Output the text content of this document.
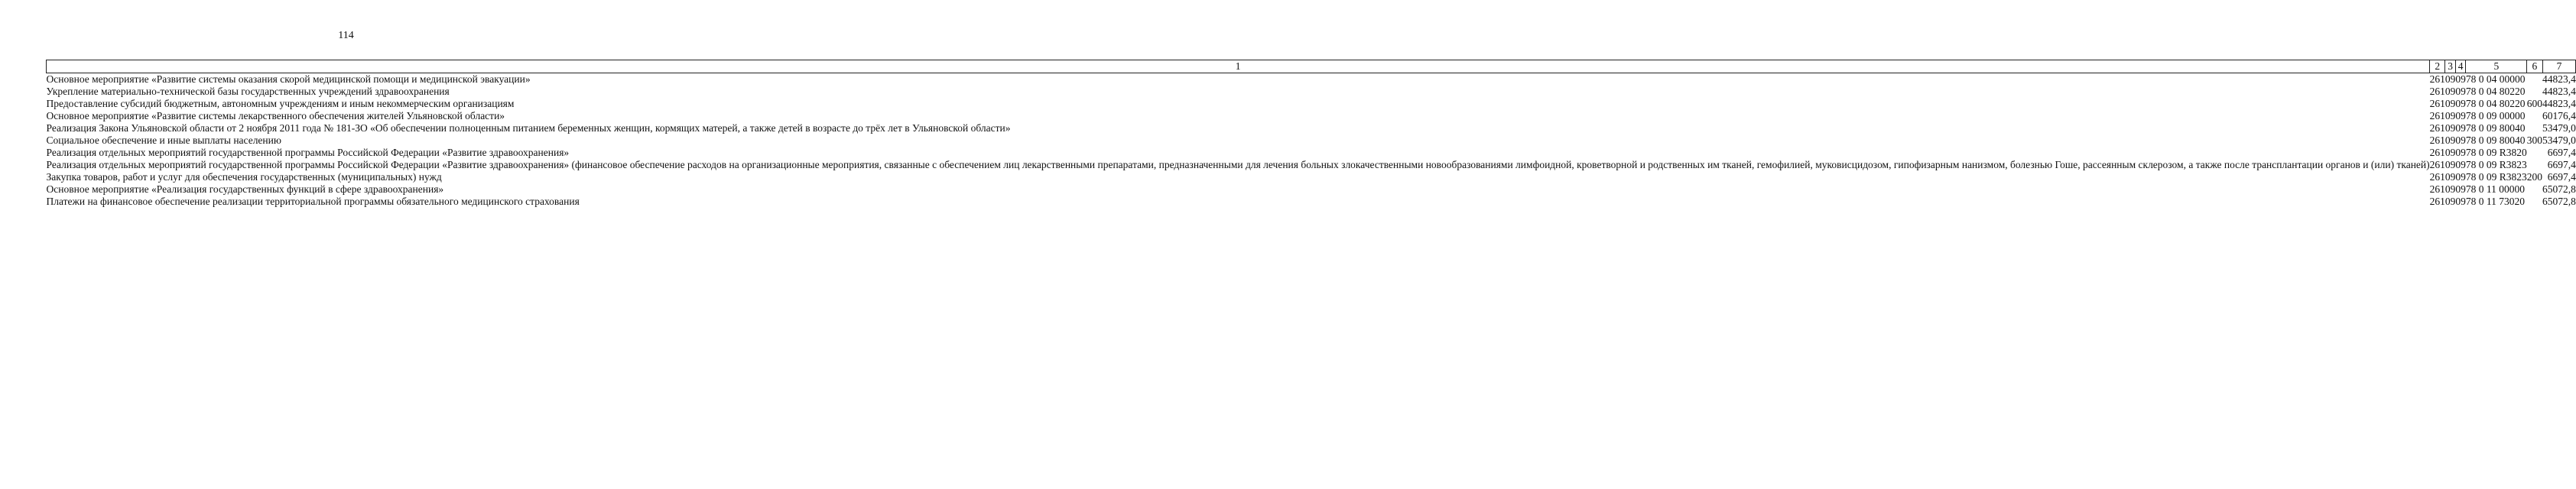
114
1	2	3	4	5	6	7
Основное мероприятие «Развитие системы оказания скорой медицинской помощи и медицинской эвакуации»	261	09	09	78 0 04 00000		44823,4
Укрепление материально-технической базы государственных учреждений здравоохранения	261	09	09	78 0 04 80220		44823,4
Предоставление субсидий бюджетным, автономным учреждениям и иным некоммерческим организациям	261	09	09	78 0 04 80220	600	44823,4
Основное мероприятие «Развитие системы лекарственного обеспечения жителей Ульяновской области»	261	09	09	78 0 09 00000		60176,4
Реализация Закона Ульяновской области от 2 ноября 2011 года № 181-ЗО «Об обеспечении полноценным питанием беременных женщин, кормящих матерей, а также детей в возрасте до трёх лет в Ульяновской области»	261	09	09	78 0 09 80040		53479,0
Социальное обеспечение и иные выплаты населению	261	09	09	78 0 09 80040	300	53479,0
Реализация отдельных мероприятий государственной программы Российской Федерации «Развитие здравоохранения»	261	09	09	78 0 09 R3820		6697,4
Реализация отдельных мероприятий государственной программы Российской Федерации «Развитие здравоохранения» (финансовое обеспечение расходов на организационные мероприятия, связанные с обеспечением лиц лекарственными препаратами, предназначенными для лечения больных злокачественными новообразованиями лимфоидной, кроветворной и родственных им тканей, гемофилией, муковисцидозом, гипофизарным нанизмом, болезнью Гоше, рассеянным склерозом, а также после трансплантации органов и (или) тканей)	261	09	09	78 0 09 R3823		6697,4
Закупка товаров, работ и услуг для обеспечения государственных (муниципальных) нужд	261	09	09	78 0 09 R3823	200	6697,4
Основное мероприятие «Реализация государственных функций в сфере здравоохранения»	261	09	09	78 0 11 00000		65072,8
Платежи на финансовое обеспечение реализации территориальной программы обязательного медицинского страхования	261	09	09	78 0 11 73020		65072,8
